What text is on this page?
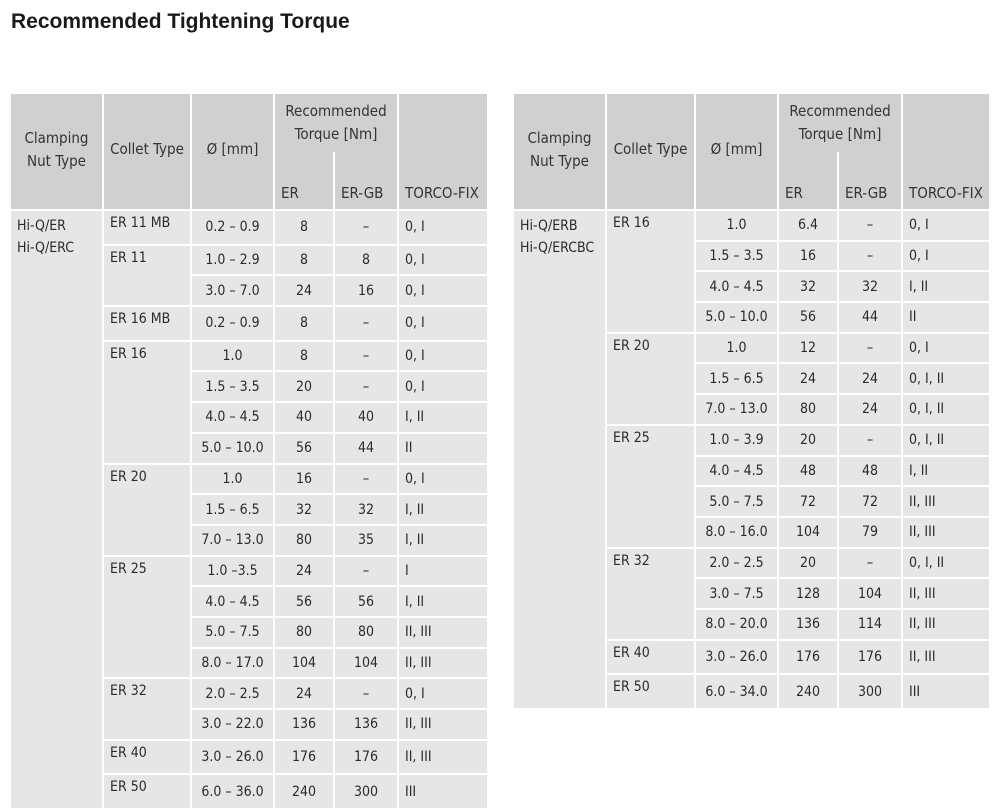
Recommended Tightening Torque
Clamping Nut Type	Collet Type	Ø [mm]	Recommended Torque [Nm]		
			ER	ER-GB	TORCO-FIX

Hi-Q/ER
Hi-Q/ERC	ER 11 MB	0.2 – 0.9	8	–	0, I
	ER 11	1.0 – 2.9	8	8	0, I
		3.0 – 7.0	24	16	0, I
	ER 16 MB	0.2 – 0.9	8	–	0, I
	ER 16	1.0	8	–	0, I
		1.5 – 3.5	20	–	0, I
		4.0 – 4.5	40	40	I, II
		5.0 – 10.0	56	44	II
	ER 20	1.0	16	–	0, I
		1.5 – 6.5	32	32	I, II
		7.0 – 13.0	80	35	I, II
	ER 25	1.0 –3.5	24	–	I
		4.0 – 4.5	56	56	I, II
		5.0 – 7.5	80	80	II, III
		8.0 – 17.0	104	104	II, III
	ER 32	2.0 – 2.5	24	–	0, I
		3.0 – 22.0	136	136	II, III
	ER 40	3.0 – 26.0	176	176	II, III
	ER 50	6.0 – 36.0	240	300	III
Clamping Nut Type	Collet Type	Ø [mm]	Recommended Torque [Nm]		
			ER	ER-GB	TORCO-FIX

Hi-Q/ERB
Hi-Q/ERCBC	ER 16	1.0	6.4	–	0, I
		1.5 – 3.5	16	–	0, I
		4.0 – 4.5	32	32	I, II
		5.0 – 10.0	56	44	II
	ER 20	1.0	12	–	0, I
		1.5 – 6.5	24	24	0, I, II
		7.0 – 13.0	80	24	0, I, II
	ER 25	1.0 – 3.9	20	–	0, I, II
		4.0 – 4.5	48	48	I, II
		5.0 – 7.5	72	72	II, III
		8.0 – 16.0	104	79	II, III
	ER 32	2.0 – 2.5	20	–	0, I, II
		3.0 – 7.5	128	104	II, III
		8.0 – 20.0	136	114	II, III
	ER 40	3.0 – 26.0	176	176	II, III
	ER 50	6.0 – 34.0	240	300	III
